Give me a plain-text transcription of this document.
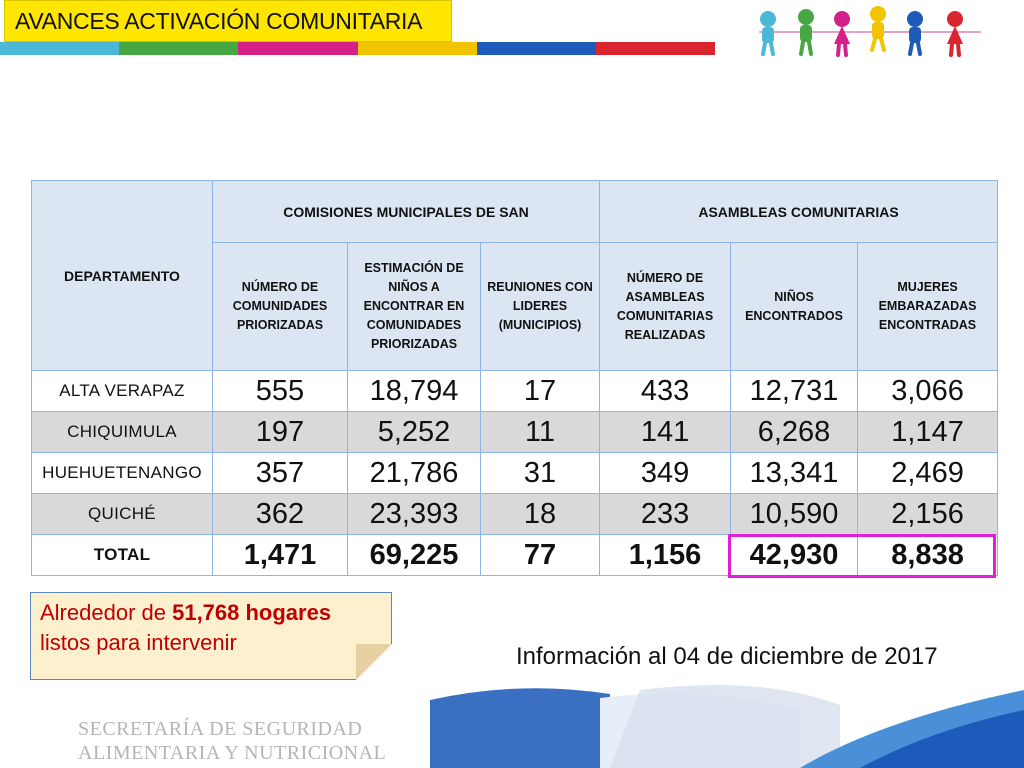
AVANCES ACTIVACIÓN COMUNITARIA
DEPARTAMENTO	COMISIONES MUNICIPALES DE SAN			ASAMBLEAS COMUNITARIAS		
	NÚMERO DE COMUNIDADES PRIORIZADAS	ESTIMACIÓN DE NIÑOS A ENCONTRAR EN COMUNIDADES PRIORIZADAS	REUNIONES CON LIDERES (MUNICIPIOS)	NÚMERO DE ASAMBLEAS COMUNITARIAS REALIZADAS	NIÑOS ENCONTRADOS	MUJERES EMBARAZADAS ENCONTRADAS
ALTA VERAPAZ	555	18,794	17	433	12,731	3,066
CHIQUIMULA	197	5,252	11	141	6,268	1,147
HUEHUETENANGO	357	21,786	31	349	13,341	2,469
QUICHÉ	362	23,393	18	233	10,590	2,156
TOTAL	1,471	69,225	77	1,156	42,930	8,838
Alrededor de 51,768 hogares
listos para intervenir
Información al 04 de diciembre de 2017
SECRETARÍA DE SEGURIDAD
ALIMENTARIA Y NUTRICIONAL
